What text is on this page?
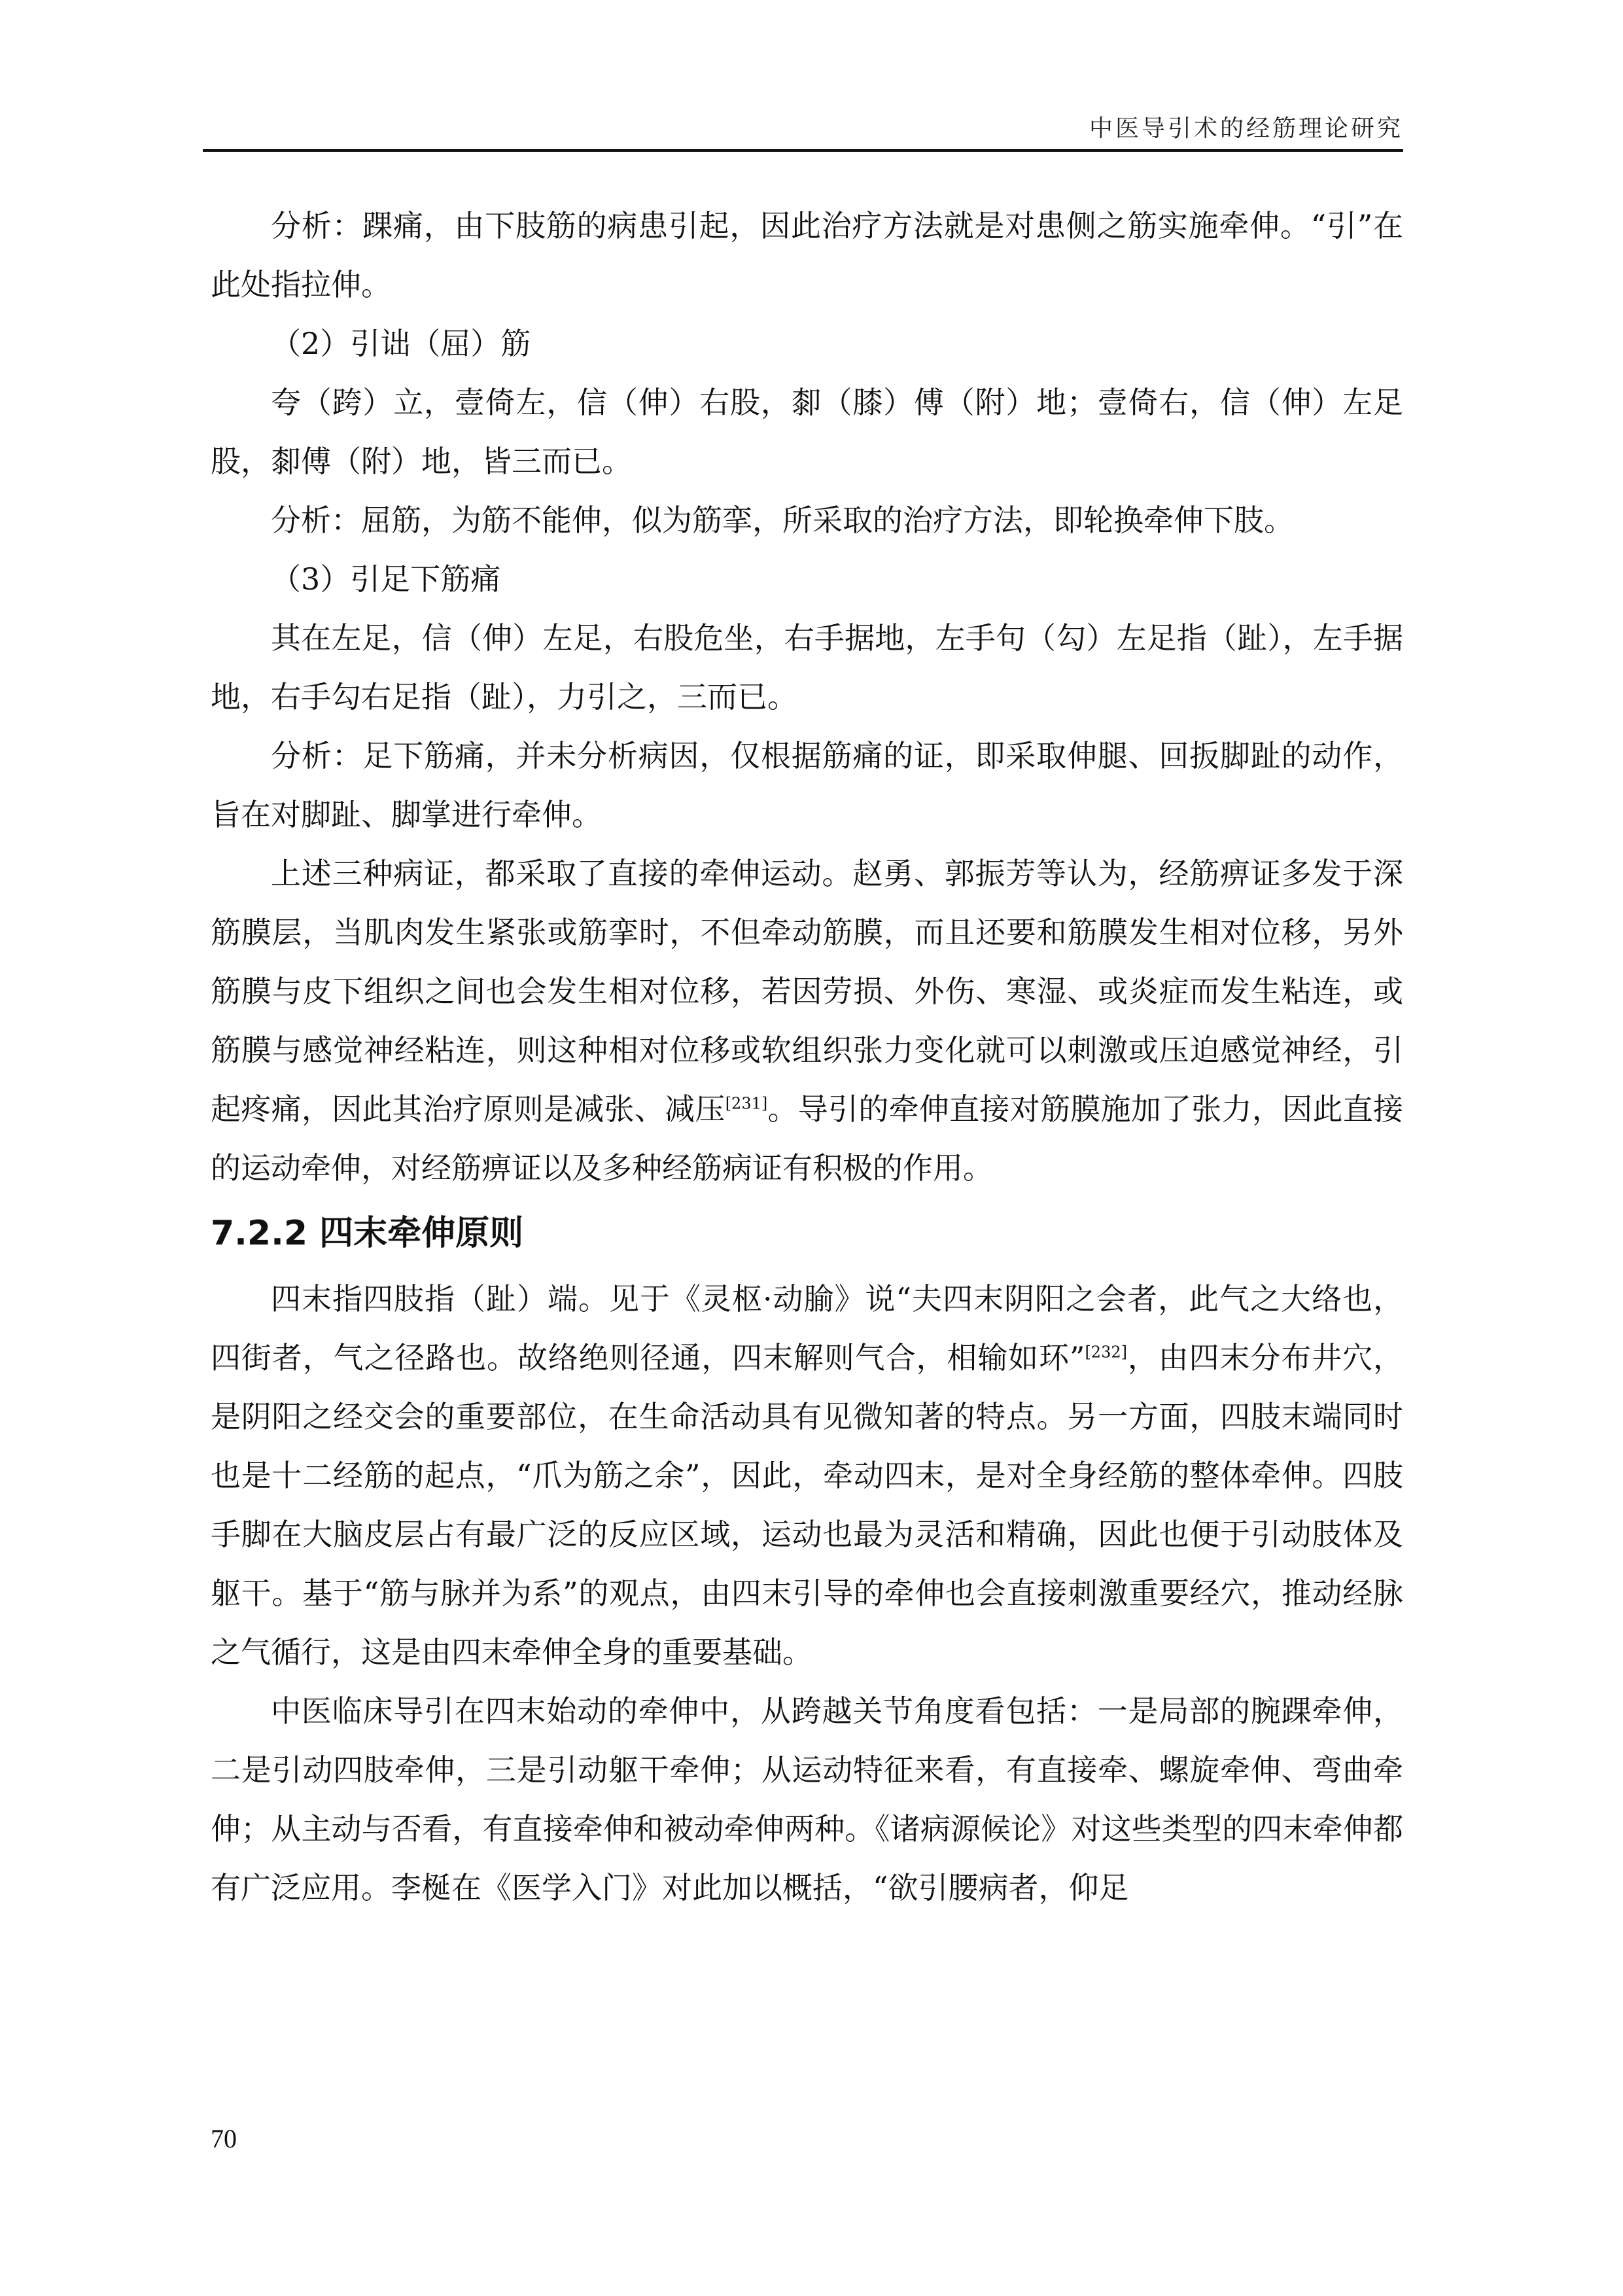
中医导引术的经筋理论研究

分析：踝痛，由下肢筋的病患引起，因此治疗方法就是对患侧之筋实施牵伸。“引”在此处指拉伸。

（2）引诎（屈）筋

夸（跨）立，壹倚左，信（伸）右股，厀（膝）傅（附）地；壹倚右，信（伸）左足股，厀傅（附）地，皆三而已。

分析：屈筋，为筋不能伸，似为筋挛，所采取的治疗方法，即轮换牵伸下肢。

（3）引足下筋痛

其在左足，信（伸）左足，右股危坐，右手据地，左手句（勾）左足指（趾），左手据地，右手勾右足指（趾），力引之，三而已。

分析：足下筋痛，并未分析病因，仅根据筋痛的证，即采取伸腿、回扳脚趾的动作，旨在对脚趾、脚掌进行牵伸。

上述三种病证，都采取了直接的牵伸运动。赵勇、郭振芳等认为，经筋痹证多发于深筋膜层，当肌肉发生紧张或筋挛时，不但牵动筋膜，而且还要和筋膜发生相对位移，另外筋膜与皮下组织之间也会发生相对位移，若因劳损、外伤、寒湿、或炎症而发生粘连，或筋膜与感觉神经粘连，则这种相对位移或软组织张力变化就可以刺激或压迫感觉神经，引起疼痛，因此其治疗原则是减张、减压[231]。导引的牵伸直接对筋膜施加了张力，因此直接的运动牵伸，对经筋痹证以及多种经筋病证有积极的作用。

7.2.2 四末牵伸原则

四末指四肢指（趾）端。见于《灵枢·动腧》说“夫四末阴阳之会者，此气之大络也，四街者，气之径路也。故络绝则径通，四末解则气合，相输如环”[232]，由四末分布井穴，是阴阳之经交会的重要部位，在生命活动具有见微知著的特点。另一方面，四肢末端同时也是十二经筋的起点，“爪为筋之余”，因此，牵动四末，是对全身经筋的整体牵伸。四肢手脚在大脑皮层占有最广泛的反应区域，运动也最为灵活和精确，因此也便于引动肢体及躯干。基于“筋与脉并为系”的观点，由四末引导的牵伸也会直接刺激重要经穴，推动经脉之气循行，这是由四末牵伸全身的重要基础。

中医临床导引在四末始动的牵伸中，从跨越关节角度看包括：一是局部的腕踝牵伸，二是引动四肢牵伸，三是引动躯干牵伸；从运动特征来看，有直接牵、螺旋牵伸、弯曲牵伸；从主动与否看，有直接牵伸和被动牵伸两种。《诸病源候论》对这些类型的四末牵伸都有广泛应用。李梴在《医学入门》对此加以概括，“欲引腰病者，仰足

70
